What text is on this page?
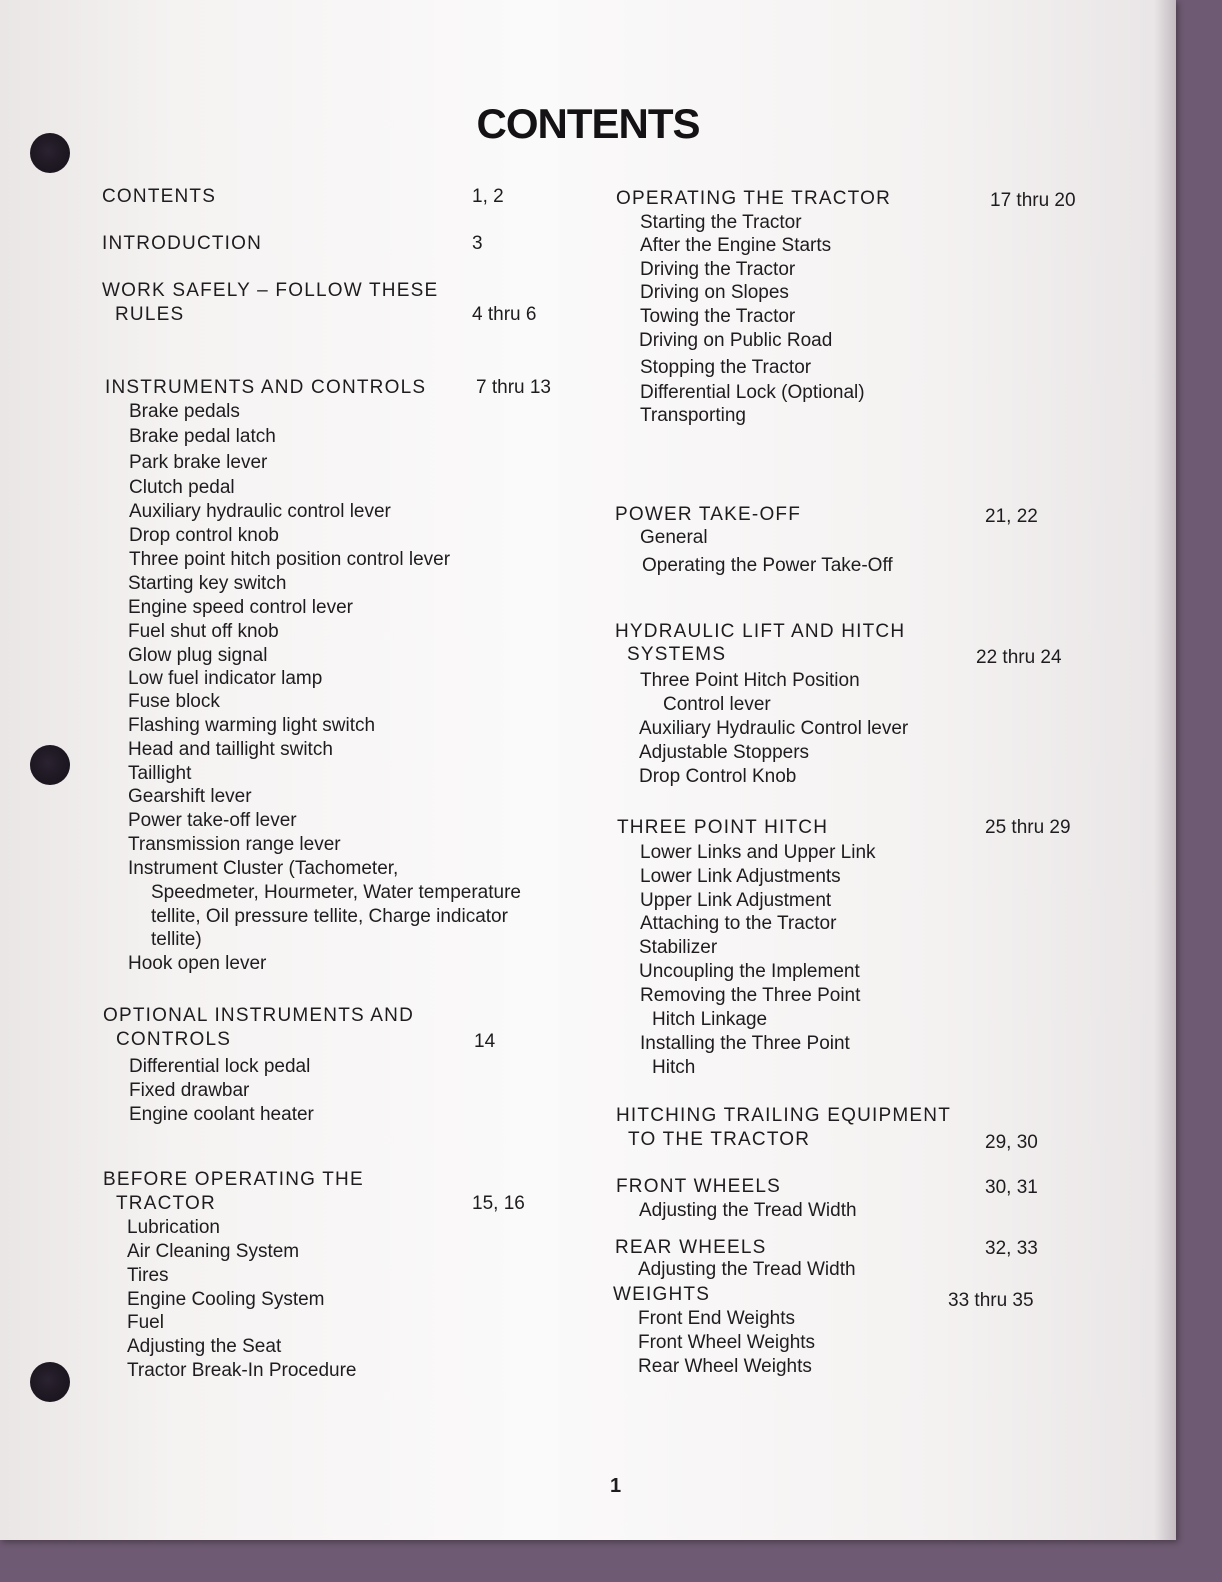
CONTENTS
CONTENTS	1, 2
INTRODUCTION	3
WORK SAFELY – FOLLOW THESE
RULES	4 thru 6
INSTRUMENTS AND CONTROLS	7 thru 13
Brake pedals
Brake pedal latch
Park brake lever
Clutch pedal
Auxiliary hydraulic control lever
Drop control knob
Three point hitch position control lever
Starting key switch
Engine speed control lever
Fuel shut off knob
Glow plug signal
Low fuel indicator lamp
Fuse block
Flashing warming light switch
Head and taillight switch
Taillight
Gearshift lever
Power take-off lever
Transmission range lever
Instrument Cluster (Tachometer,
Speedmeter, Hourmeter, Water temperature
tellite, Oil pressure tellite, Charge indicator
tellite)
Hook open lever
OPTIONAL INSTRUMENTS AND
CONTROLS	14
Differential lock pedal
Fixed drawbar
Engine coolant heater
BEFORE OPERATING THE
TRACTOR	15, 16
Lubrication
Air Cleaning System
Tires
Engine Cooling System
Fuel
Adjusting the Seat
Tractor Break-In Procedure
OPERATING THE TRACTOR	17 thru 20
Starting the Tractor
After the Engine Starts
Driving the Tractor
Driving on Slopes
Towing the Tractor
Driving on Public Road
Stopping the Tractor
Differential Lock (Optional)
Transporting
POWER TAKE-OFF	21, 22
General
Operating the Power Take-Off
HYDRAULIC LIFT AND HITCH
SYSTEMS	22 thru 24
Three Point Hitch Position
Control lever
Auxiliary Hydraulic Control lever
Adjustable Stoppers
Drop Control Knob
THREE POINT HITCH	25 thru 29
Lower Links and Upper Link
Lower Link Adjustments
Upper Link Adjustment
Attaching to the Tractor
Stabilizer
Uncoupling the Implement
Removing the Three Point
Hitch Linkage
Installing the Three Point
Hitch
HITCHING TRAILING EQUIPMENT
TO THE TRACTOR	29, 30
FRONT WHEELS	30, 31
Adjusting the Tread Width
REAR WHEELS	32, 33
Adjusting the Tread Width
WEIGHTS	33 thru 35
Front End Weights
Front Wheel Weights
Rear Wheel Weights
1
